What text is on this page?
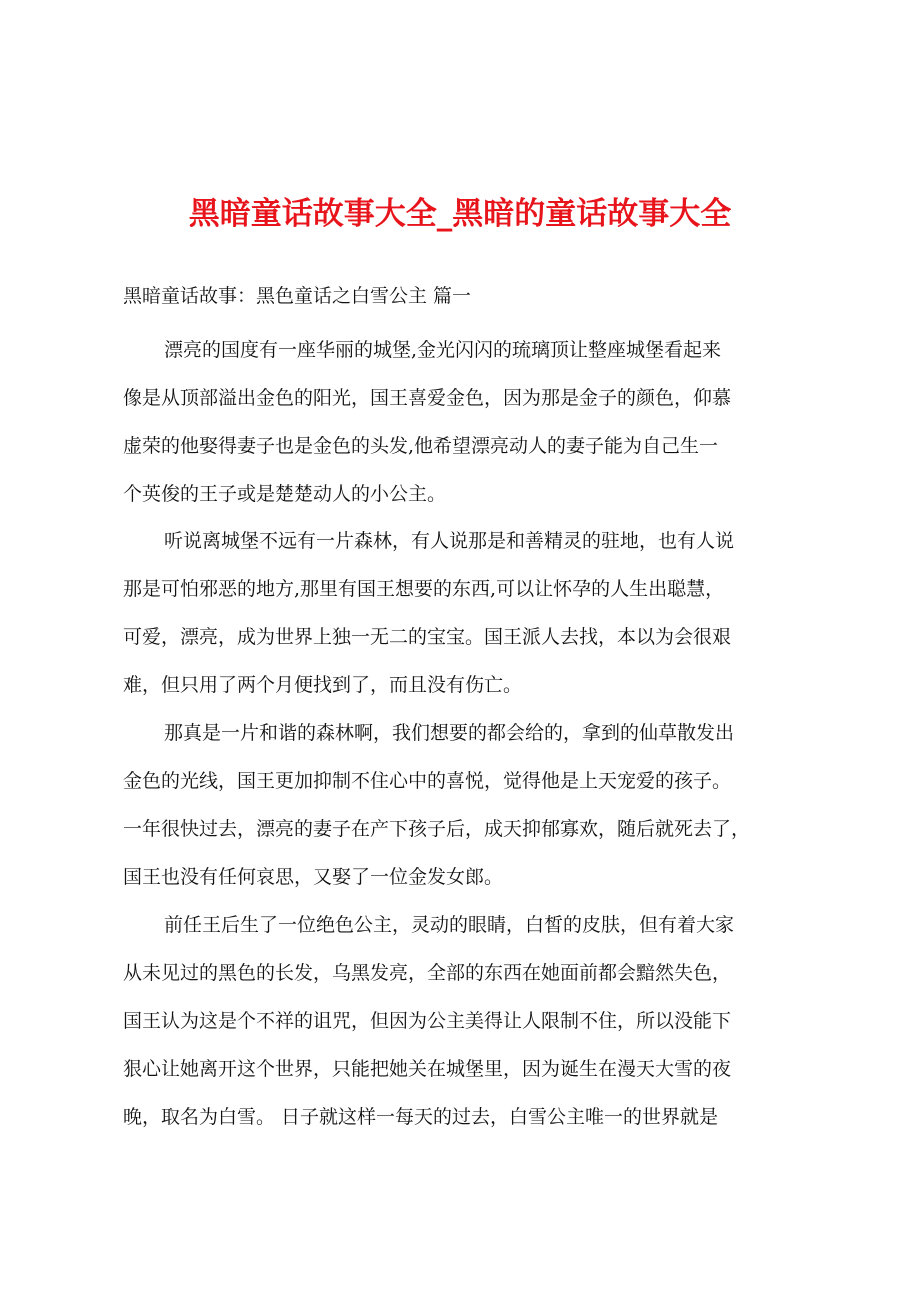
黑暗童话故事大全_黑暗的童话故事大全

黑暗童话故事：黑色童话之白雪公主 篇一

漂亮的国度有一座华丽的城堡,金光闪闪的琉璃顶让整座城堡看起来
像是从顶部溢出金色的阳光，国王喜爱金色，因为那是金子的颜色，仰慕
虚荣的他娶得妻子也是金色的头发,他希望漂亮动人的妻子能为自己生一
个英俊的王子或是楚楚动人的小公主。

听说离城堡不远有一片森林，有人说那是和善精灵的驻地，也有人说
那是可怕邪恶的地方,那里有国王想要的东西,可以让怀孕的人生出聪慧，
可爱，漂亮，成为世界上独一无二的宝宝。国王派人去找，本以为会很艰
难，但只用了两个月便找到了，而且没有伤亡。

那真是一片和谐的森林啊，我们想要的都会给的，拿到的仙草散发出
金色的光线，国王更加抑制不住心中的喜悦，觉得他是上天宠爱的孩子。
一年很快过去，漂亮的妻子在产下孩子后，成天抑郁寡欢，随后就死去了，
国王也没有任何哀思，又娶了一位金发女郎。

前任王后生了一位绝色公主，灵动的眼睛，白皙的皮肤，但有着大家
从未见过的黑色的长发，乌黑发亮，全部的东西在她面前都会黯然失色，
国王认为这是个不祥的诅咒，但因为公主美得让人限制不住，所以没能下
狠心让她离开这个世界，只能把她关在城堡里，因为诞生在漫天大雪的夜
晚，取名为白雪。 日子就这样一每天的过去，白雪公主唯一的世界就是
